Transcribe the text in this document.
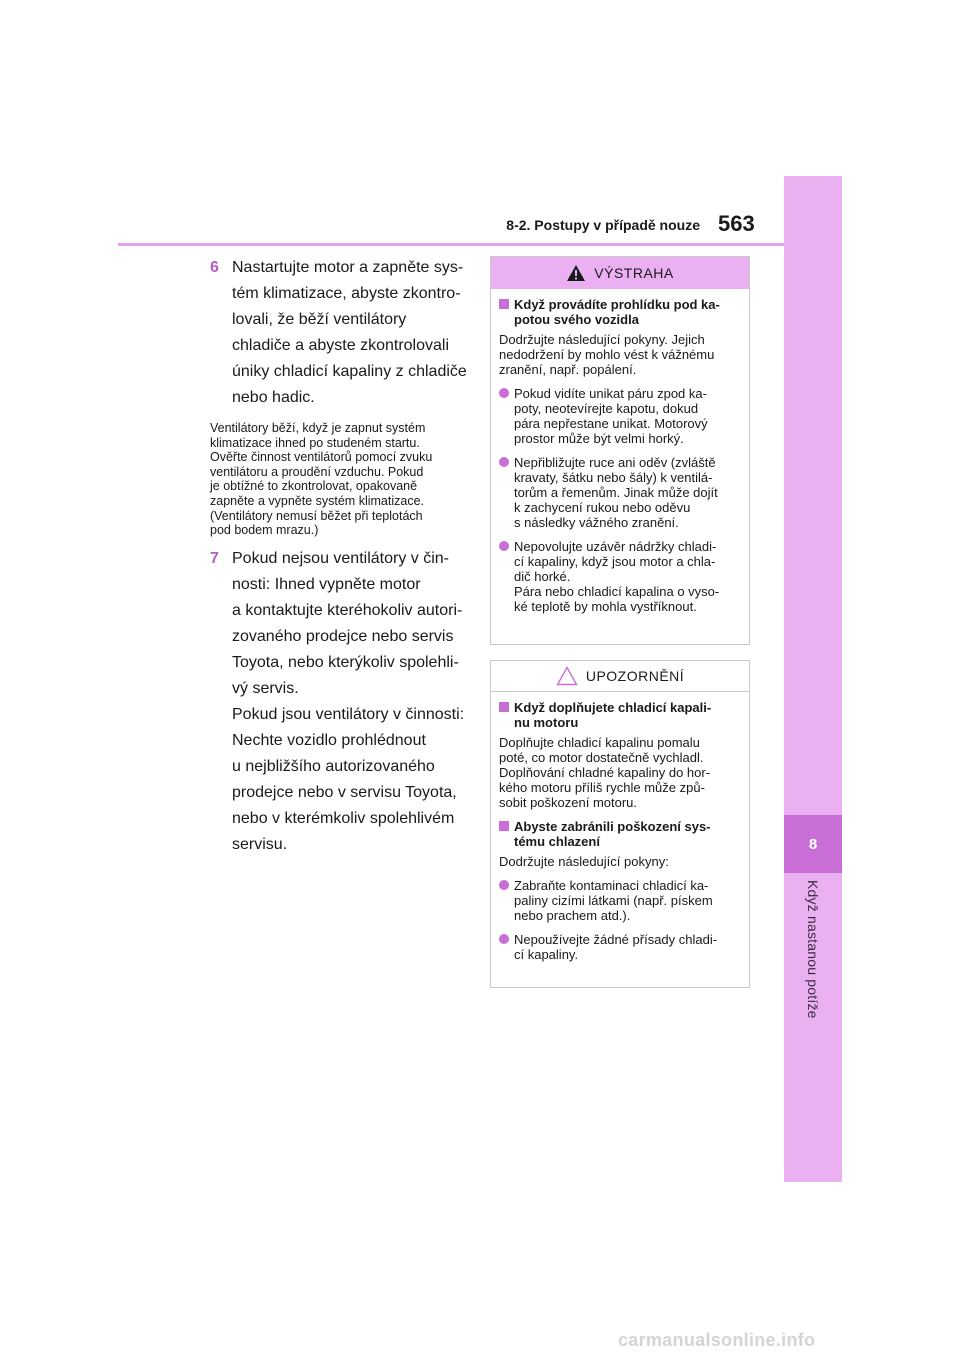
8
Když nastanou potíže
8-2. Postupy v případě nouze 563
6 Nastartujte motor a zapněte sys-
tém klimatizace, abyste zkontro-
lovali, že běží ventilátory
chladiče a abyste zkontrolovali
úniky chladicí kapaliny z chladiče
nebo hadic.
Ventilátory běží, když je zapnut systém
klimatizace ihned po studeném startu.
Ověřte činnost ventilátorů pomocí zvuku
ventilátoru a proudění vzduchu. Pokud
je obtížné to zkontrolovat, opakovaně
zapněte a vypněte systém klimatizace.
(Ventilátory nemusí běžet při teplotách
pod bodem mrazu.)
7 Pokud nejsou ventilátory v čin-
nosti: Ihned vypněte motor
a kontaktujte kteréhokoliv autori-
zovaného prodejce nebo servis
Toyota, nebo kterýkoliv spolehli-
vý servis.
Pokud jsou ventilátory v činnosti:
Nechte vozidlo prohlédnout
u nejbližšího autorizovaného
prodejce nebo v servisu Toyota,
nebo v kterémkoliv spolehlivém
servisu.
VÝSTRAHA
Když provádíte prohlídku pod ka-
potou svého vozidla
Dodržujte následující pokyny. Jejich
nedodržení by mohlo vést k vážnému
zranění, např. popálení.
Pokud vidíte unikat páru zpod ka-
poty, neotevírejte kapotu, dokud
pára nepřestane unikat. Motorový
prostor může být velmi horký.
Nepřibližujte ruce ani oděv (zvláště
kravaty, šátku nebo šály) k ventilá-
torům a řemenům. Jinak může dojít
k zachycení rukou nebo oděvu
s následky vážného zranění.
Nepovolujte uzávěr nádržky chladi-
cí kapaliny, když jsou motor a chla-
dič horké.
Pára nebo chladicí kapalina o vyso-
ké teplotě by mohla vystříknout.
UPOZORNĚNÍ
Když doplňujete chladicí kapali-
nu motoru
Doplňujte chladicí kapalinu pomalu
poté, co motor dostatečně vychladl.
Doplňování chladné kapaliny do hor-
kého motoru příliš rychle může způ-
sobit poškození motoru.
Abyste zabránili poškození sys-
tému chlazení
Dodržujte následující pokyny:
Zabraňte kontaminaci chladicí ka-
paliny cizími látkami (např. pískem
nebo prachem atd.).
Nepoužívejte žádné přísady chladi-
cí kapaliny.
carmanualsonline.info
